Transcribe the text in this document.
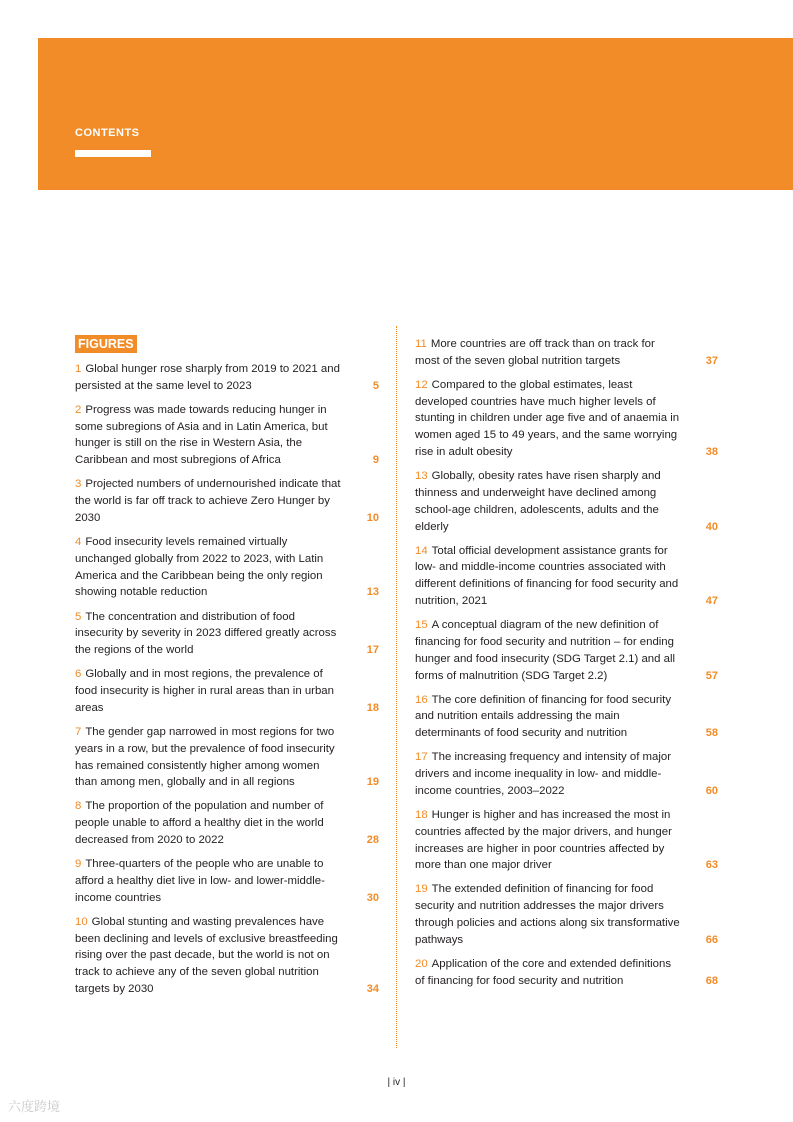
CONTENTS
FIGURES
1 Global hunger rose sharply from 2019 to 2021 and persisted at the same level to 2023	5
2 Progress was made towards reducing hunger in some subregions of Asia and in Latin America, but hunger is still on the rise in Western Asia, the Caribbean and most subregions of Africa	9
3 Projected numbers of undernourished indicate that the world is far off track to achieve Zero Hunger by 2030	10
4 Food insecurity levels remained virtually unchanged globally from 2022 to 2023, with Latin America and the Caribbean being the only region showing notable reduction	13
5 The concentration and distribution of food insecurity by severity in 2023 differed greatly across the regions of the world	17
6 Globally and in most regions, the prevalence of food insecurity is higher in rural areas than in urban areas	18
7 The gender gap narrowed in most regions for two years in a row, but the prevalence of food insecurity has remained consistently higher among women than among men, globally and in all regions	19
8 The proportion of the population and number of people unable to afford a healthy diet in the world decreased from 2020 to 2022	28
9 Three-quarters of the people who are unable to afford a healthy diet live in low- and lower-middle-income countries	30
10 Global stunting and wasting prevalences have been declining and levels of exclusive breastfeeding rising over the past decade, but the world is not on track to achieve any of the seven global nutrition targets by 2030	34
11 More countries are off track than on track for most of the seven global nutrition targets	37
12 Compared to the global estimates, least developed countries have much higher levels of stunting in children under age five and of anaemia in women aged 15 to 49 years, and the same worrying rise in adult obesity	38
13 Globally, obesity rates have risen sharply and thinness and underweight have declined among school-age children, adolescents, adults and the elderly	40
14 Total official development assistance grants for low- and middle-income countries associated with different definitions of financing for food security and nutrition, 2021	47
15 A conceptual diagram of the new definition of financing for food security and nutrition – for ending hunger and food insecurity (SDG Target 2.1) and all forms of malnutrition (SDG Target 2.2)	57
16 The core definition of financing for food security and nutrition entails addressing the main determinants of food security and nutrition	58
17 The increasing frequency and intensity of major drivers and income inequality in low- and middle-income countries, 2003–2022	60
18 Hunger is higher and has increased the most in countries affected by the major drivers, and hunger increases are higher in poor countries affected by more than one major driver	63
19 The extended definition of financing for food security and nutrition addresses the major drivers through policies and actions along six transformative pathways	66
20 Application of the core and extended definitions of financing for food security and nutrition	68
| iv |
六度跨境
